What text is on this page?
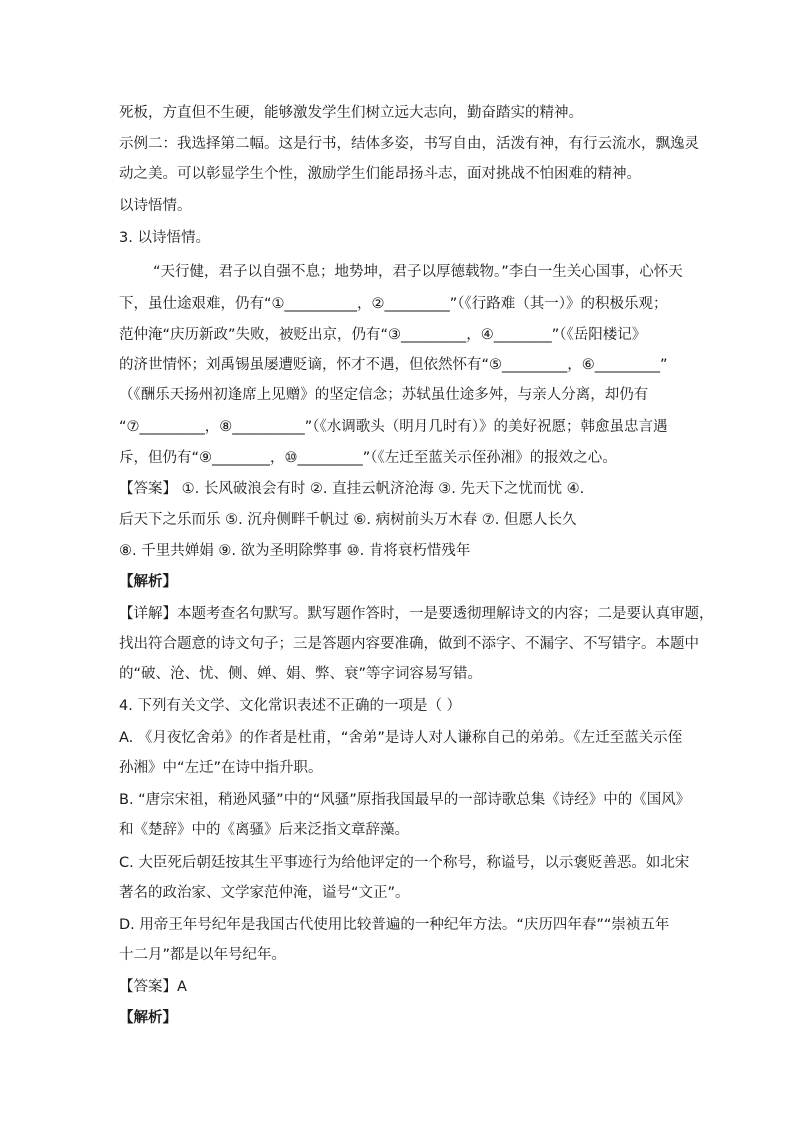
死板，方直但不生硬，能够激发学生们树立远大志向，勤奋踏实的精神。
示例二：我选择第二幅。这是行书，结体多姿，书写自由，活泼有神，有行云流水，飘逸灵
动之美。可以彰显学生个性，激励学生们能昂扬斗志，面对挑战不怕困难的精神。
以诗悟情。
3. 以诗悟情。
“天行健，君子以自强不息；地势坤，君子以厚德载物。”李白一生关心国事，心怀天
下，虽仕途艰难，仍有“①__________，②_________”（《行路难（其一）》的积极乐观；
范仲淹“庆历新政”失败，被贬出京，仍有“③_________，④________”（《岳阳楼记》
的济世情怀；刘禹锡虽屡遭贬谪，怀才不遇，但依然怀有“⑤_________，⑥_________”
（《酬乐天扬州初逢席上见赠》的坚定信念；苏轼虽仕途多舛，与亲人分离，却仍有
“⑦_________，⑧__________”（《水调歌头（明月几时有）》的美好祝愿；韩愈虽忠言遇
斥，但仍有“⑨________，⑩_________”（《左迁至蓝关示侄孙湘》的报效之心。
【答案】 ①. 长风破浪会有时 ②. 直挂云帆济沧海 ③. 先天下之忧而忧 ④.
后天下之乐而乐 ⑤. 沉舟侧畔千帆过 ⑥. 病树前头万木春 ⑦. 但愿人长久
⑧. 千里共婵娟 ⑨. 欲为圣明除弊事 ⑩. 肯将衰朽惜残年
【解析】
【详解】本题考查名句默写。默写题作答时，一是要透彻理解诗文的内容；二是要认真审题，
找出符合题意的诗文句子；三是答题内容要准确，做到不添字、不漏字、不写错字。本题中
的“破、沧、忧、侧、婵、娟、弊、衰”等字词容易写错。
4. 下列有关文学、文化常识表述不正确的一项是（ ）
A. 《月夜忆舍弟》的作者是杜甫，“舍弟”是诗人对人谦称自己的弟弟。《左迁至蓝关示侄
孙湘》中“左迁”在诗中指升职。
B. “唐宗宋祖，稍逊风骚”中的“风骚”原指我国最早的一部诗歌总集《诗经》中的《国风》
和《楚辞》中的《离骚》后来泛指文章辞藻。
C. 大臣死后朝廷按其生平事迹行为给他评定的一个称号，称谥号，以示褒贬善恶。如北宋
著名的政治家、文学家范仲淹，谥号“文正”。
D. 用帝王年号纪年是我国古代使用比较普遍的一种纪年方法。“庆历四年春”“崇祯五年
十二月”都是以年号纪年。
【答案】A
【解析】
